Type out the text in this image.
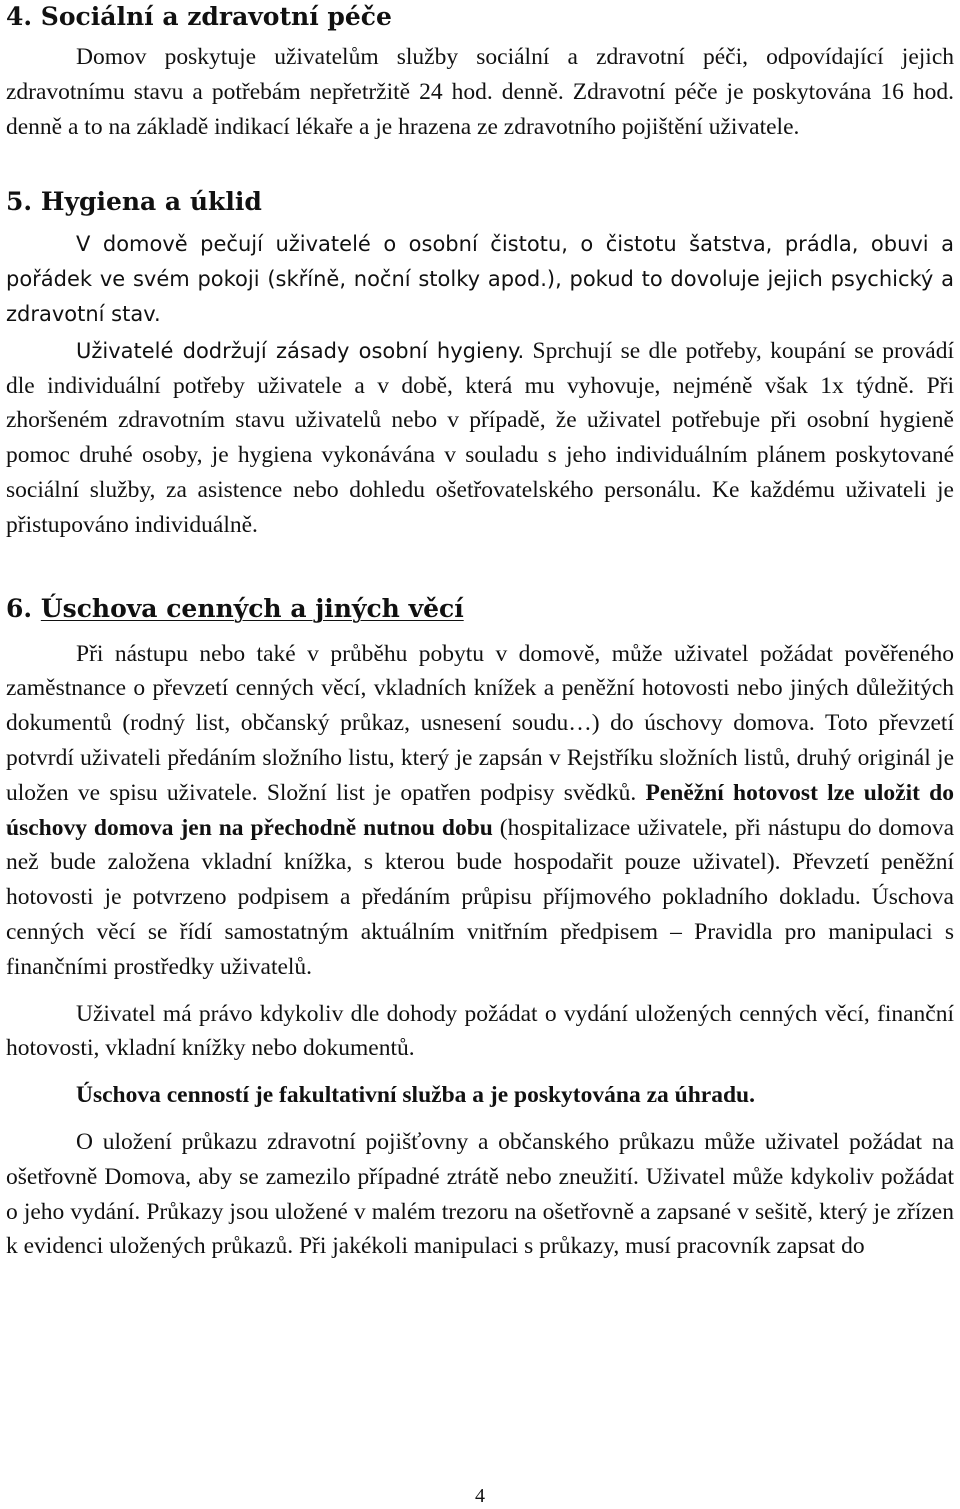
4. Sociální a zdravotní péče

Domov poskytuje uživatelům služby sociální a zdravotní péči, odpovídající jejich zdravotnímu stavu a potřebám nepřetržitě 24 hod. denně. Zdravotní péče je poskytována 16 hod. denně a to na základě indikací lékaře a je hrazena ze zdravotního pojištění uživatele.

5. Hygiena a úklid

V domově pečují uživatelé o osobní čistotu, o čistotu šatstva, prádla, obuvi a pořádek ve svém pokoji (skříně, noční stolky apod.), pokud to dovoluje jejich psychický a zdravotní stav.

Uživatelé dodržují zásady osobní hygieny. Sprchují se dle potřeby, koupání se provádí dle individuální potřeby uživatele a v době, která mu vyhovuje, nejméně však 1x týdně. Při zhoršeném zdravotním stavu uživatelů nebo v případě, že uživatel potřebuje při osobní hygieně pomoc druhé osoby, je hygiena vykonávána v souladu s jeho individuálním plánem poskytované sociální služby, za asistence nebo dohledu ošetřovatelského personálu. Ke každému uživateli je přistupováno individuálně.

6. Úschova cenných a jiných věcí

Při nástupu nebo také v průběhu pobytu v domově, může uživatel požádat pověřeného zaměstnance o převzetí cenných věcí, vkladních knížek a peněžní hotovosti nebo jiných důležitých dokumentů (rodný list, občanský průkaz, usnesení soudu…) do úschovy domova. Toto převzetí potvrdí uživateli předáním složního listu, který je zapsán v Rejstříku složních listů, druhý originál je uložen ve spisu uživatele. Složní list je opatřen podpisy svědků. Peněžní hotovost lze uložit do úschovy domova jen na přechodně nutnou dobu (hospitalizace uživatele, při nástupu do domova než bude založena vkladní knížka, s kterou bude hospodařit pouze uživatel). Převzetí peněžní hotovosti je potvrzeno podpisem a předáním průpisu příjmového pokladního dokladu. Úschova cenných věcí se řídí samostatným aktuálním vnitřním předpisem – Pravidla pro manipulaci s finančními prostředky uživatelů.

Uživatel má právo kdykoliv dle dohody požádat o vydání uložených cenných věcí, finanční hotovosti, vkladní knížky nebo dokumentů.

Úschova cenností je fakultativní služba a je poskytována za úhradu.

O uložení průkazu zdravotní pojišťovny a občanského průkazu může uživatel požádat na ošetřovně Domova, aby se zamezilo případné ztrátě nebo zneužití. Uživatel může kdykoliv požádat o jeho vydání. Průkazy jsou uložené v malém trezoru na ošetřovně a zapsané v sešitě, který je zřízen k evidenci uložených průkazů. Při jakékoli manipulaci s průkazy, musí pracovník zapsat do

4
